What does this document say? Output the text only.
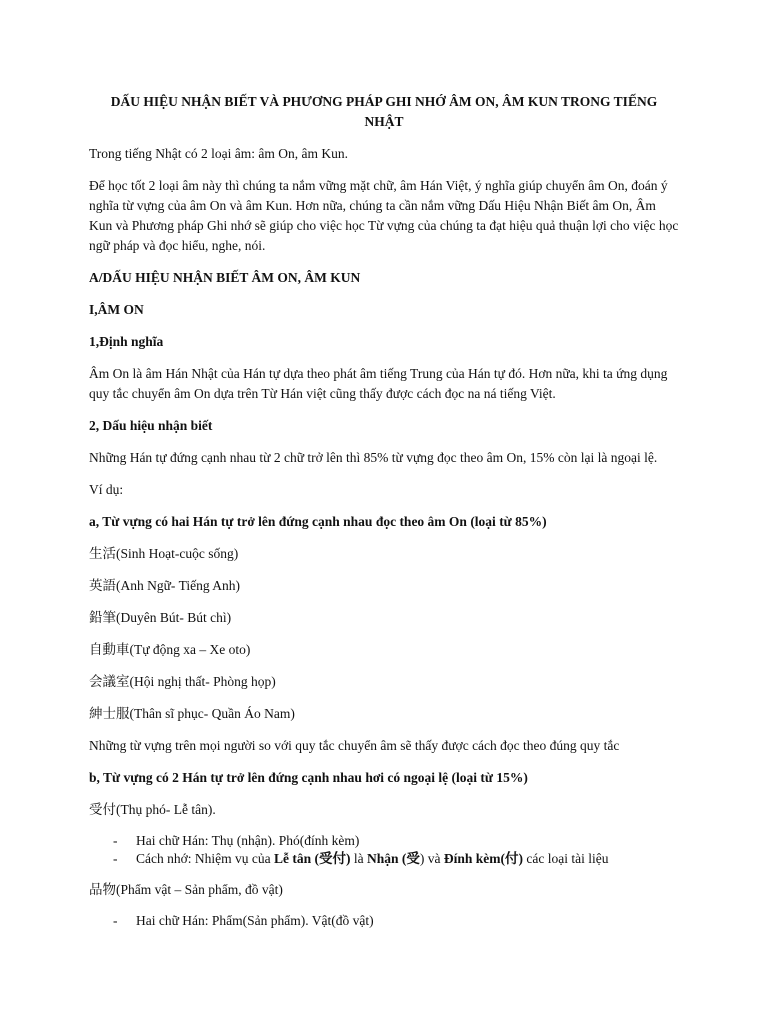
DẤU HIỆU NHẬN BIẾT VÀ PHƯƠNG PHÁP GHI NHỚ ÂM ON, ÂM KUN TRONG TIẾNG NHẬT

Trong tiếng Nhật có 2 loại âm: âm On, âm Kun.

Để học tốt 2 loại âm này thì chúng ta nắm vững mặt chữ, âm Hán Việt, ý nghĩa giúp chuyển âm On, đoán ý nghĩa từ vựng của âm On và âm Kun. Hơn nữa, chúng ta cần nắm vững Dấu Hiệu Nhận Biết âm On, Âm Kun và Phương pháp Ghi nhớ sẽ giúp cho việc học Từ vựng của chúng ta đạt hiệu quả thuận lợi cho việc học ngữ pháp và đọc hiểu, nghe, nói.

A/DẤU HIỆU NHẬN BIẾT ÂM ON, ÂM KUN

I,ÂM ON

1,Định nghĩa

Âm On là âm Hán Nhật của Hán tự dựa theo phát âm tiếng Trung của Hán tự đó. Hơn nữa, khi ta ứng dụng quy tắc chuyển âm On dựa trên Từ Hán việt cũng thấy được cách đọc na ná tiếng Việt.

2, Dấu hiệu nhận biết

Những Hán tự đứng cạnh nhau từ 2 chữ trở lên thì 85% từ vựng đọc theo âm On, 15% còn lại là ngoại lệ.

Ví dụ:

a, Từ vựng có hai Hán tự trở lên đứng cạnh nhau đọc theo âm On (loại từ 85%)

生活(Sinh Hoạt-cuộc sống)

英語(Anh Ngữ- Tiếng Anh)

鉛筆(Duyên Bút- Bút chì)

自動車(Tự động xa – Xe oto)

会議室(Hội nghị thất- Phòng họp)

紳士服(Thân sĩ phục- Quần Áo Nam)

Những từ vựng trên mọi người so với quy tắc chuyển âm sẽ thấy được cách đọc theo đúng quy tắc

b, Từ vựng có 2 Hán tự trở lên đứng cạnh nhau hơi có ngoại lệ (loại từ 15%)

受付(Thụ phó- Lễ tân).

- Hai chữ Hán: Thụ (nhận). Phó(đính kèm)
- Cách nhớ: Nhiệm vụ của Lễ tân (受付) là Nhận (受) và Đính kèm(付) các loại tài liệu

品物(Phẩm vật – Sản phẩm, đồ vật)

- Hai chữ Hán: Phẩm(Sản phẩm). Vật(đồ vật)
